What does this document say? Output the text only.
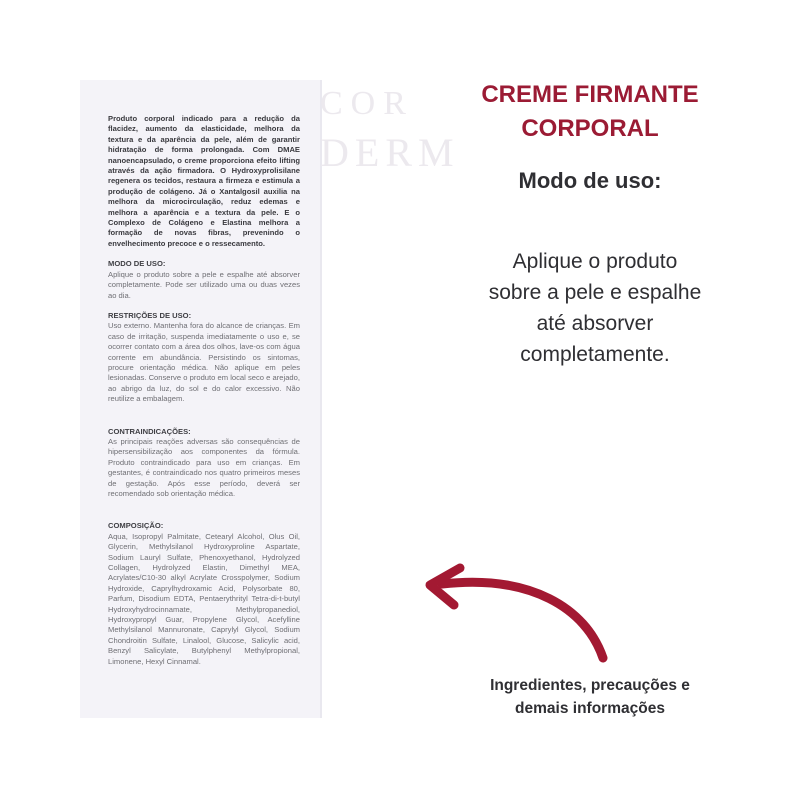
COR
DERM

Produto corporal indicado para a redução da flacidez, aumento da elasticidade, melhora da textura e da aparência da pele, além de garantir hidratação de forma prolongada. Com DMAE nanoencapsulado, o creme proporciona efeito lifting através da ação firmadora. O Hydroxyprolisilane regenera os tecidos, restaura a firmeza e estimula a produção de colágeno. Já o Xantalgosil auxilia na melhora da microcirculação, reduz edemas e melhora a aparência e a textura da pele. E o Complexo de Colágeno e Elastina melhora a formação de novas fibras, prevenindo o envelhecimento precoce e o ressecamento.

MODO DE USO:

Aplique o produto sobre a pele e espalhe até absorver completamente. Pode ser utilizado uma ou duas vezes ao dia.

RESTRIÇÕES DE USO:

Uso externo. Mantenha fora do alcance de crianças. Em caso de irritação, suspenda imediatamente o uso e, se ocorrer contato com a área dos olhos, lave-os com água corrente em abundância. Persistindo os sintomas, procure orientação médica. Não aplique em peles lesionadas. Conserve o produto em local seco e arejado, ao abrigo da luz, do sol e do calor excessivo. Não reutilize a embalagem.

CONTRAINDICAÇÕES:

As principais reações adversas são consequências de hipersensibilização aos componentes da fórmula. Produto contraindicado para uso em crianças. Em gestantes, é contraindicado nos quatro primeiros meses de gestação. Após esse período, deverá ser recomendado sob orientação médica.

COMPOSIÇÃO:

Aqua, Isopropyl Palmitate, Cetearyl Alcohol, Olus Oil, Glycerin, Methylsilanol Hydroxyproline Aspartate, Sodium Lauryl Sulfate, Phenoxyethanol, Hydrolyzed Collagen, Hydrolyzed Elastin, Dimethyl MEA, Acrylates/C10-30 alkyl Acrylate Crosspolymer, Sodium Hydroxide, Caprylhydroxamic Acid, Polysorbate 80, Parfum, Disodium EDTA, Pentaerythrityl Tetra-di-t-butyl Hydroxyhydrocinnamate, Methylpropanediol, Hydroxypropyl Guar, Propylene Glycol, Acefylline Methylsilanol Mannuronate, Caprylyl Glycol, Sodium Chondroitin Sulfate, Linalool, Glucose, Salicylic acid, Benzyl Salicylate, Butylphenyl Methylpropional, Limonene, Hexyl Cinnamal.

CREME FIRMANTE
CORPORAL
Modo de uso:
Aplique o produto
sobre a pele e espalhe
até absorver
completamente.
Ingredientes, precauções e
demais informações
